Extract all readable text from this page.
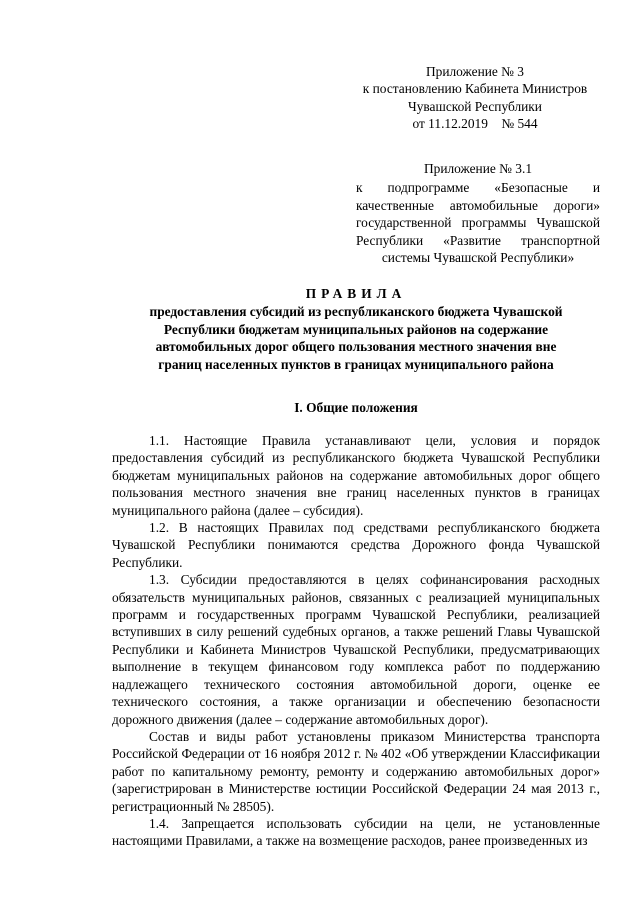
Приложение № 3
к постановлению Кабинета Министров
Чувашской Республики
от 11.12.2019    № 544
Приложение № 3.1
к подпрограмме «Безопасные и качественные автомобильные дороги» государственной программы Чувашской Республики «Развитие транспортной системы Чувашской Республики»
ПРАВИЛА
предоставления субсидий из республиканского бюджета Чувашской
Республики бюджетам муниципальных районов на содержание
автомобильных дорог общего пользования местного значения вне
границ населенных пунктов в границах муниципального района
I. Общие положения

1.1. Настоящие Правила устанавливают цели, условия и порядок предоставления субсидий из республиканского бюджета Чувашской Республики бюджетам муниципальных районов на содержание автомобильных дорог общего пользования местного значения вне границ населенных пунктов в границах муниципального района (далее – субсидия).

1.2. В настоящих Правилах под средствами республиканского бюджета Чувашской Республики понимаются средства Дорожного фонда Чувашской Республики.

1.3. Субсидии предоставляются в целях софинансирования расходных обязательств муниципальных районов, связанных с реализацией муниципальных программ и государственных программ Чувашской Республики, реализацией вступивших в силу решений судебных органов, а также решений Главы Чувашской Республики и Кабинета Министров Чувашской Республики, предусматривающих выполнение в текущем финансовом году комплекса работ по поддержанию надлежащего технического состояния автомобильной дороги, оценке ее технического состояния, а также организации и обеспечению безопасности дорожного движения (далее – содержание автомобильных дорог).

Состав и виды работ установлены приказом Министерства транспорта Российской Федерации от 16 ноября 2012 г. № 402 «Об утверждении Классификации работ по капитальному ремонту, ремонту и содержанию автомобильных дорог» (зарегистрирован в Министерстве юстиции Российской Федерации 24 мая 2013 г., регистрационный № 28505).

1.4. Запрещается использовать субсидии на цели, не установленные настоящими Правилами, а также на возмещение расходов, ранее произведенных из
